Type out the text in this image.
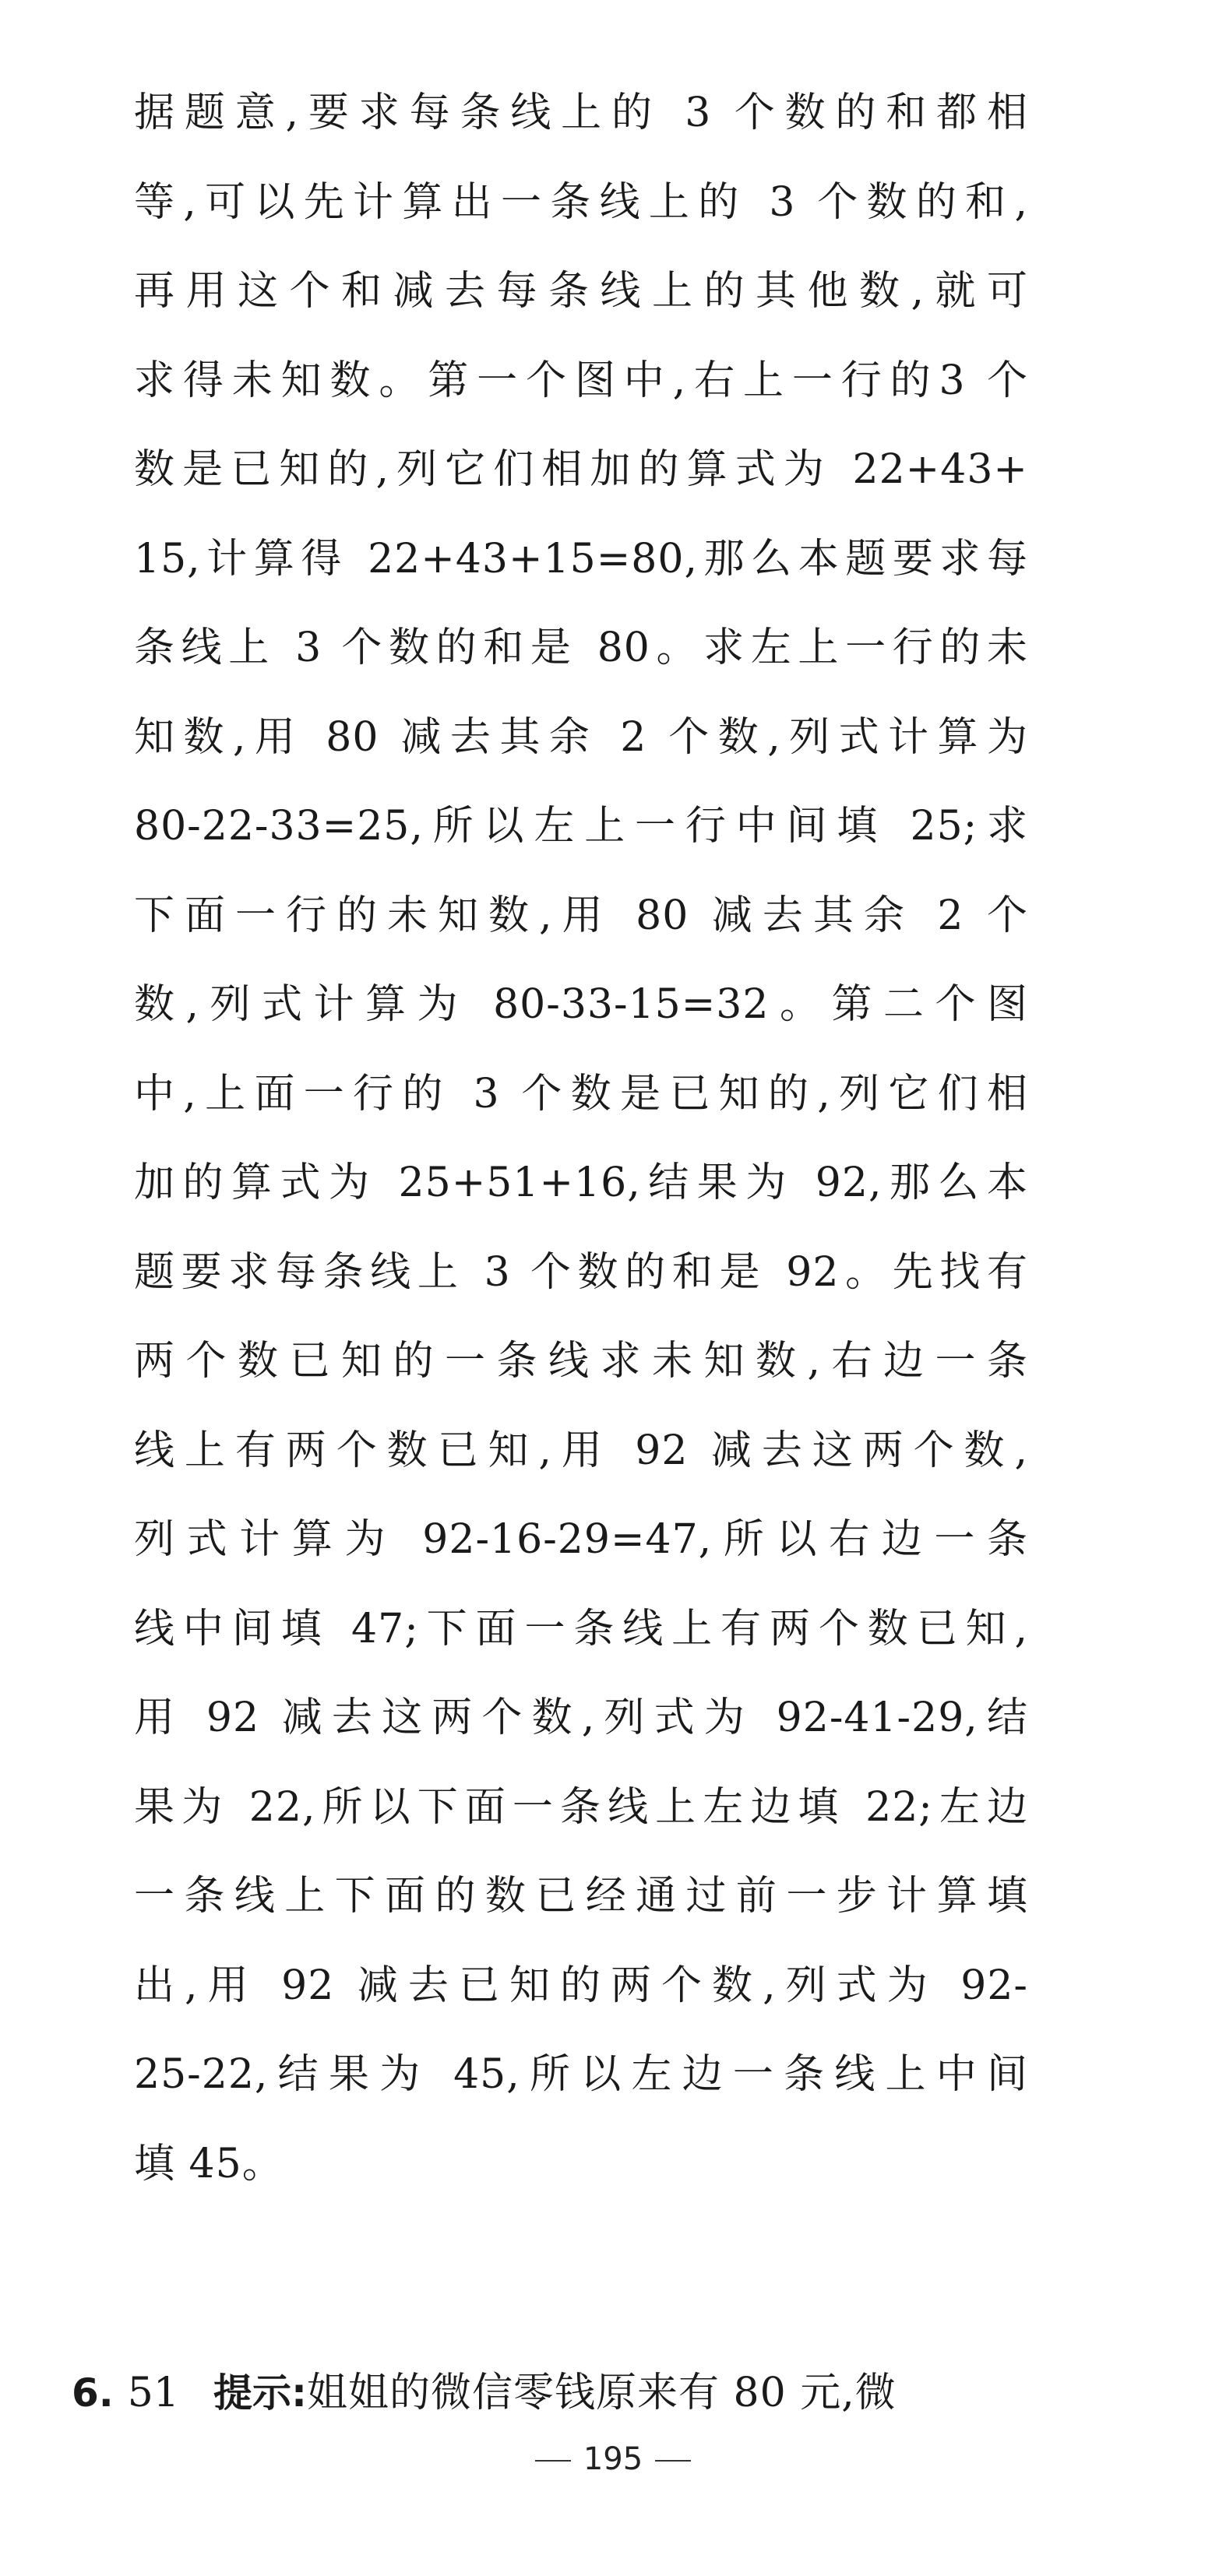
据题意,要求每条线上的 3 个数的和都相
等,可以先计算出一条线上的 3 个数的和,
再用这个和减去每条线上的其他数,就可
求得未知数。第一个图中,右上一行的3 个
数是已知的,列它们相加的算式为 22+43+
15,计算得 22+43+15=80,那么本题要求每
条线上 3 个数的和是 80。求左上一行的未
知数,用 80 减去其余 2 个数,列式计算为
80-22-33=25,所以左上一行中间填 25;求
下面一行的未知数,用 80 减去其余 2 个
数,列式计算为 80-33-15=32。第二个图
中,上面一行的 3 个数是已知的,列它们相
加的算式为 25+51+16,结果为 92,那么本
题要求每条线上 3 个数的和是 92。先找有
两个数已知的一条线求未知数,右边一条
线上有两个数已知,用 92 减去这两个数,
列式计算为 92-16-29=47,所以右边一条
线中间填 47;下面一条线上有两个数已知,
用 92 减去这两个数,列式为 92-41-29,结
果为 22,所以下面一条线上左边填 22;左边
一条线上下面的数已经通过前一步计算填
出,用 92 减去已知的两个数,列式为 92-
25-22,结果为 45,所以左边一条线上中间
填 45。
6. 51 提示:姐姐的微信零钱原来有 80 元,微
195
